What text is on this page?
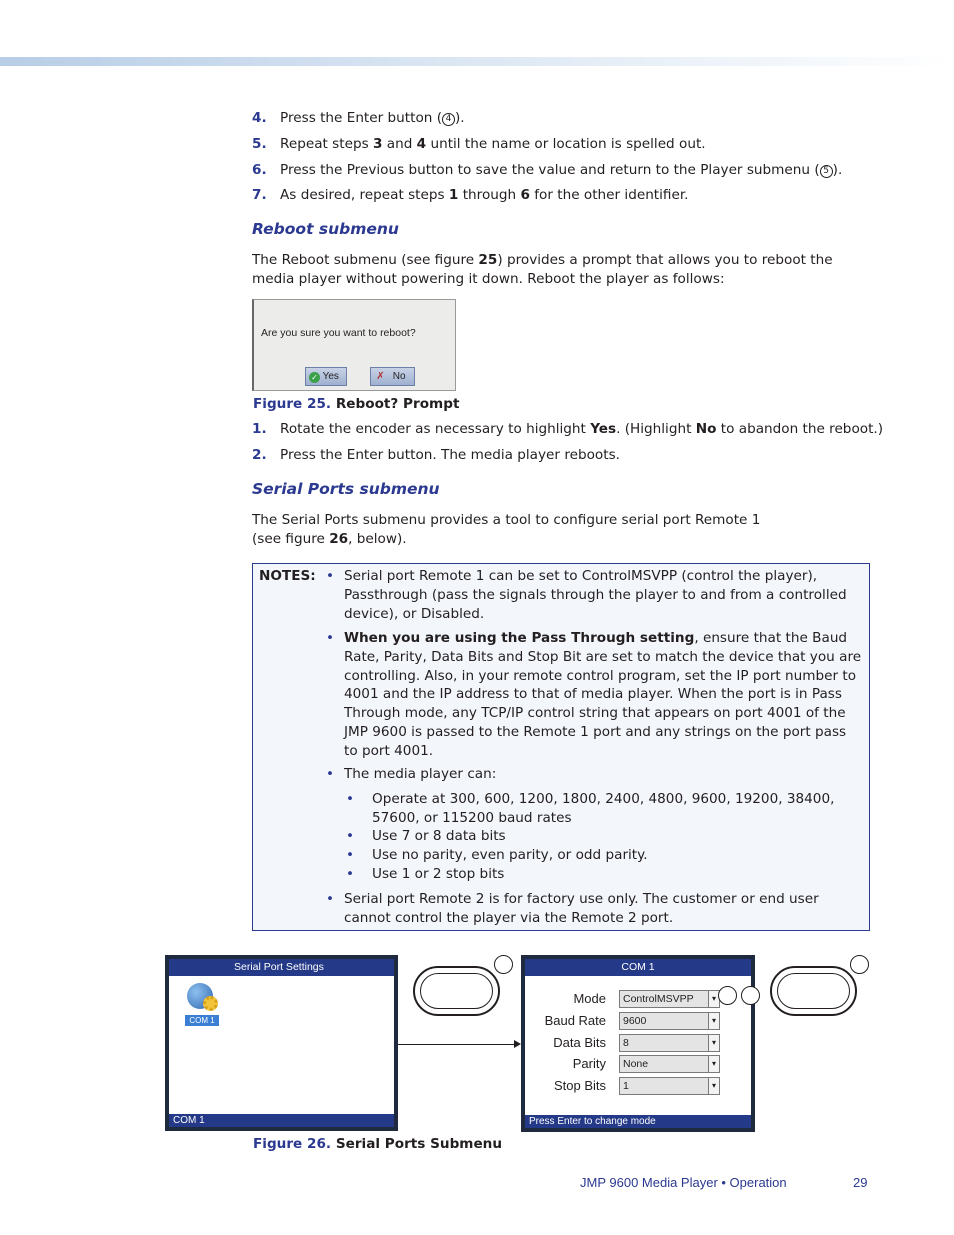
4. Press the Enter button ( 4 ).
5. Repeat steps 3 and 4 until the name or location is spelled out.
6. Press the Previous button to save the value and return to the Player submenu ( 5 ).
7. As desired, repeat steps 1 through 6 for the other identifier.
Reboot submenu
The Reboot submenu (see figure 25) provides a prompt that allows you to reboot the media player without powering it down. Reboot the player as follows:
Are you sure you want to reboot?
✓ Yes	✗ No
Figure 25. Reboot? Prompt
1. Rotate the encoder as necessary to highlight Yes. (Highlight No to abandon the reboot.)
2. Press the Enter button. The media player reboots.
Serial Ports submenu
The Serial Ports submenu provides a tool to configure serial port Remote 1
(see figure 26, below).
NOTES: • Serial port Remote 1 can be set to ControlMSVPP (control the player), Passthrough (pass the signals through the player to and from a controlled device), or Disabled.
• When you are using the Pass Through setting, ensure that the Baud Rate, Parity, Data Bits and Stop Bit are set to match the device that you are controlling. Also, in your remote control program, set the IP port number to 4001 and the IP address to that of media player. When the port is in Pass Through mode, any TCP/IP control string that appears on port 4001 of the JMP 9600 is passed to the Remote 1 port and any strings on the port pass to port 4001.
• The media player can:
• Operate at 300, 600, 1200, 1800, 2400, 4800, 9600, 19200, 38400, 57600, or 115200 baud rates
• Use 7 or 8 data bits
• Use no parity, even parity, or odd parity.
• Use 1 or 2 stop bits
• Serial port Remote 2 is for factory use only. The customer or end user cannot control the player via the Remote 2 port.
Serial Port Settings
COM 1
COM 1
COM 1
Mode	ControlMSVPP	▾
Baud Rate	9600	▾
Data Bits	8	▾
Parity	None	▾
Stop Bits	1	▾
Press Enter to change mode
Figure 26. Serial Ports Submenu
JMP 9600 Media Player • Operation	29
